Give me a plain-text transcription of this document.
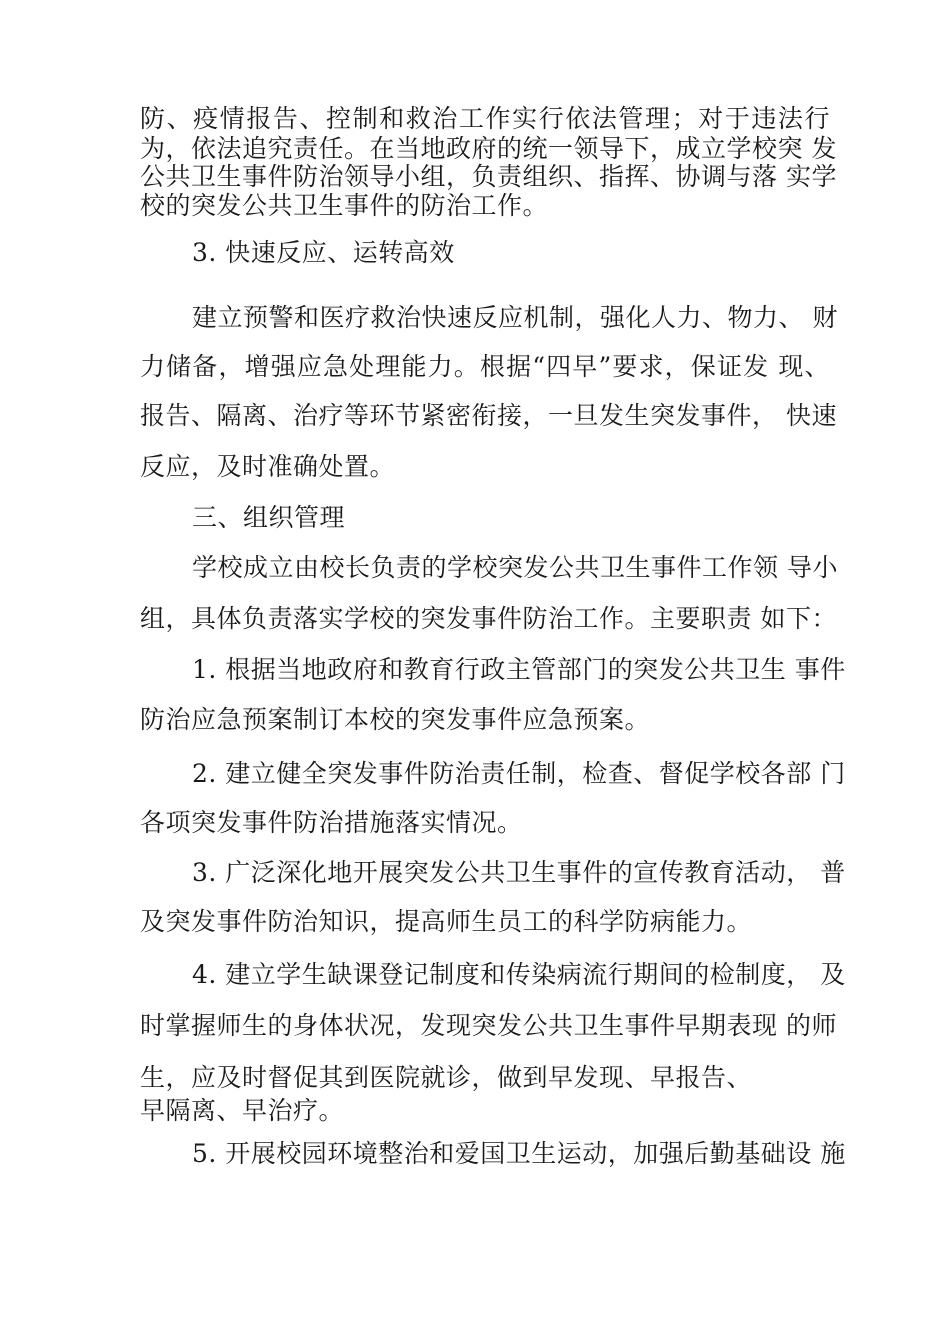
防、疫情报告、控制和救治工作实行依法管理；对于违法行
为，依法追究责任。在当地政府的统一领导下，成立学校突 发
公共卫生事件防治领导小组，负责组织、指挥、协调与落 实学
校的突发公共卫生事件的防治工作。
3. 快速反应、运转高效
建立预警和医疗救治快速反应机制，强化人力、物力、 财
力储备，增强应急处理能力。根据“四早”要求，保证发 现、
报告、隔离、治疗等环节紧密衔接，一旦发生突发事件， 快速
反应，及时准确处置。
三、组织管理
学校成立由校长负责的学校突发公共卫生事件工作领 导小
组，具体负责落实学校的突发事件防治工作。主要职责 如下：
1. 根据当地政府和教育行政主管部门的突发公共卫生 事件
防治应急预案制订本校的突发事件应急预案。
2. 建立健全突发事件防治责任制，检查、督促学校各部 门
各项突发事件防治措施落实情况。
3. 广泛深化地开展突发公共卫生事件的宣传教育活动， 普
及突发事件防治知识，提高师生员工的科学防病能力。
4. 建立学生缺课登记制度和传染病流行期间的检制度， 及
时掌握师生的身体状况，发现突发公共卫生事件早期表现 的师
生，应及时督促其到医院就诊，做到早发现、早报告、
早隔离、早治疗。
5. 开展校园环境整治和爱国卫生运动，加强后勤基础设 施
